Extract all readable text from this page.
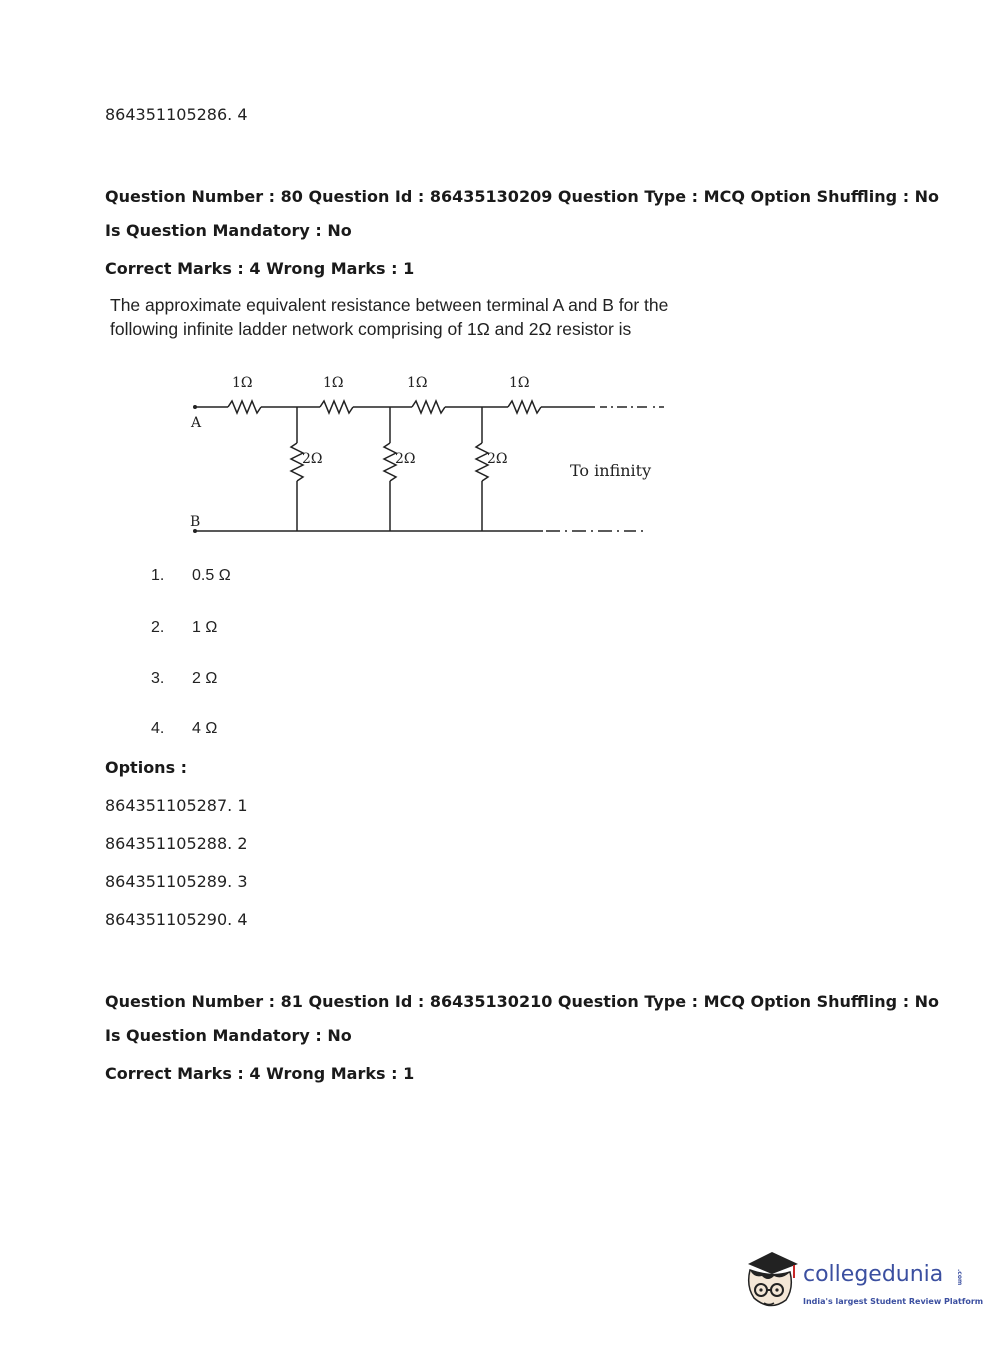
864351105286. 4
Question Number : 80 Question Id : 86435130209 Question Type : MCQ Option Shuffling : No
Is Question Mandatory : No
Correct Marks : 4 Wrong Marks : 1
The approximate equivalent resistance between terminal A and B for the
following infinite ladder network comprising of 1Ω and 2Ω resistor is
1Ω	1Ω	1Ω	1Ω
2Ω	2Ω	2Ω
A
B
To infinity
1. 0.5 Ω
2. 1 Ω
3. 2 Ω
4. 4 Ω
Options :
864351105287. 1
864351105288. 2
864351105289. 3
864351105290. 4
Question Number : 81 Question Id : 86435130210 Question Type : MCQ Option Shuffling : No
Is Question Mandatory : No
Correct Marks : 4 Wrong Marks : 1
collegedunia .com
India's largest Student Review Platform
